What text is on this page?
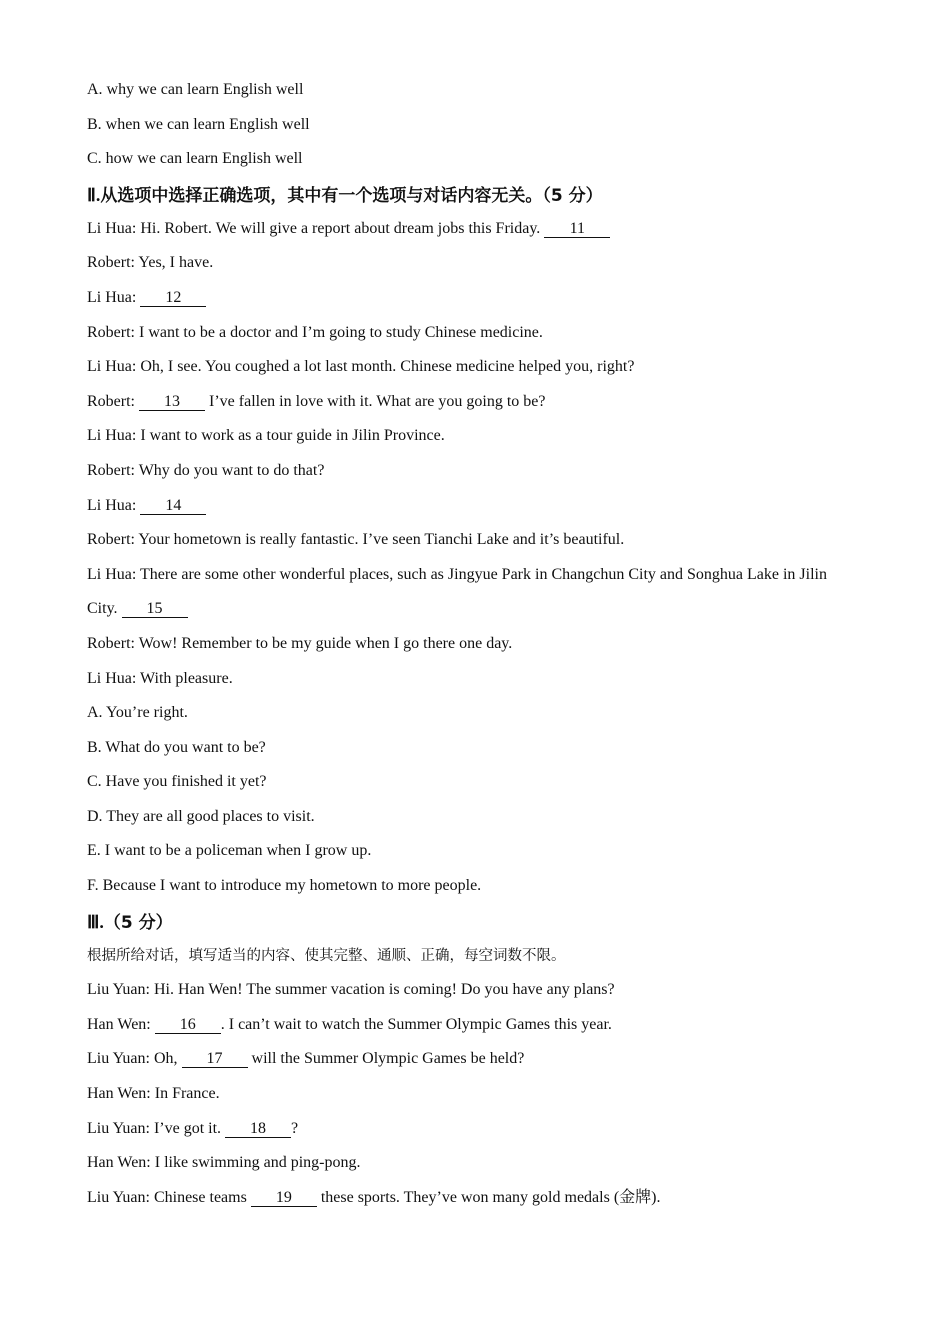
A. why we can learn English well
B. when we can learn English well
C. how we can learn English well
Ⅱ.从选项中选择正确选项，其中有一个选项与对话内容无关。（5 分）
Li Hua: Hi. Robert. We will give a report about dream jobs this Friday. 11
Robert: Yes, I have.
Li Hua: 12
Robert: I want to be a doctor and I’m going to study Chinese medicine.
Li Hua: Oh, I see. You coughed a lot last month. Chinese medicine helped you, right?
Robert: 13 I’ve fallen in love with it. What are you going to be?
Li Hua: I want to work as a tour guide in Jilin Province.
Robert: Why do you want to do that?
Li Hua: 14
Robert: Your hometown is really fantastic. I’ve seen Tianchi Lake and it’s beautiful.
Li Hua: There are some other wonderful places, such as Jingyue Park in Changchun City and Songhua Lake in Jilin
City. 15
Robert: Wow! Remember to be my guide when I go there one day.
Li Hua: With pleasure.
A. You’re right.
B. What do you want to be?
C. Have you finished it yet?
D. They are all good places to visit.
E. I want to be a policeman when I grow up.
F. Because I want to introduce my hometown to more people.
Ⅲ.（5 分）
根据所给对话，填写适当的内容、使其完整、通顺、正确，每空词数不限。
Liu Yuan: Hi. Han Wen! The summer vacation is coming! Do you have any plans?
Han Wen: 16 . I can’t wait to watch the Summer Olympic Games this year.
Liu Yuan: Oh, 17 will the Summer Olympic Games be held?
Han Wen: In France.
Liu Yuan: I’ve got it. 18 ?
Han Wen: I like swimming and ping-pong.
Liu Yuan: Chinese teams 19 these sports. They’ve won many gold medals (金牌).
